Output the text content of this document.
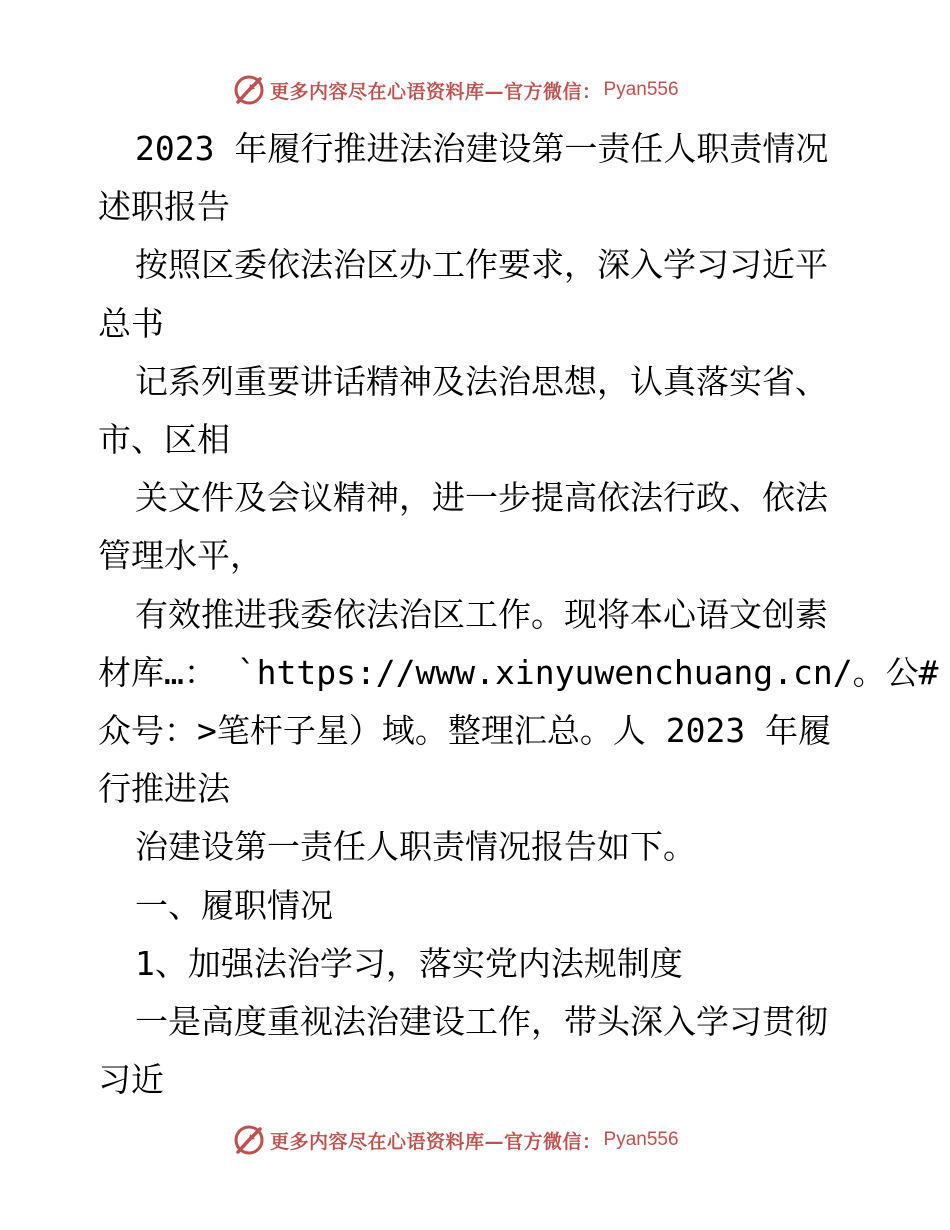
更多内容尽在心语资料库—官方微信： Pyan556

2023 年履行推进法治建设第一责任人职责情况

述职报告

按照区委依法治区办工作要求，深入学习习近平

总书

记系列重要讲话精神及法治思想，认真落实省、

市、区相

关文件及会议精神，进一步提高依法行政、依法

管理水平，

有效推进我委依法治区工作。现将本心语文创素

材库…： `https://www.xinyuwenchuang.cn/。公#

众号：>笔杆子星）域。整理汇总。人 2023 年履

行推进法

治建设第一责任人职责情况报告如下。

一、履职情况

1、加强法治学习，落实党内法规制度

一是高度重视法治建设工作，带头深入学习贯彻

习近

更多内容尽在心语资料库—官方微信： Pyan556
